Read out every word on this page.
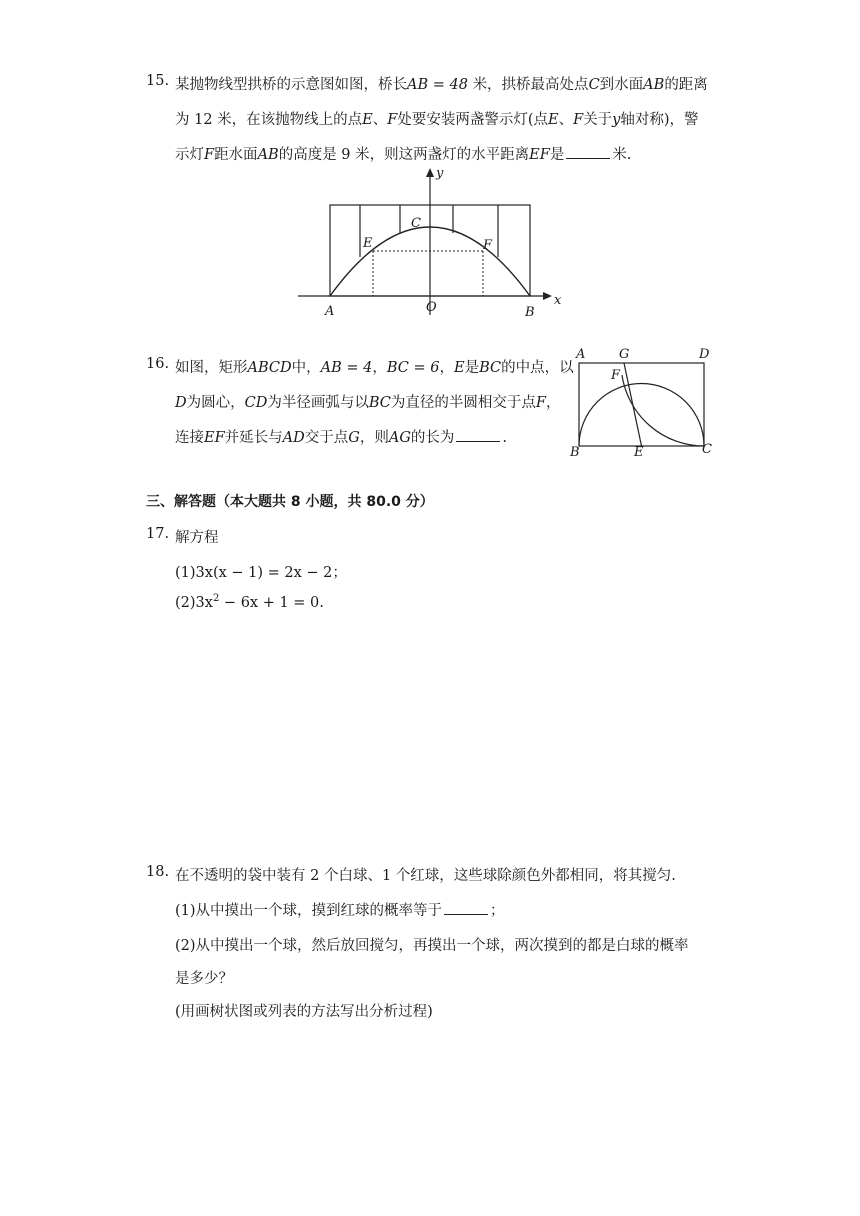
15. 某抛物线型拱桥的示意图如图，桥长AB = 48 米，拱桥最高处点C到水面AB的距离
为 12 米，在该抛物线上的点E、F处要安装两盏警示灯(点E、F关于y轴对称)，警
示灯F距水面AB的高度是 9 米，则这两盏灯的水平距离EF是	米.
y
x
C
E	F
A	O	B
16. 如图，矩形ABCD中，AB = 4，BC = 6，E是BC的中点，以
D为圆心，CD为半径画弧与以BC为直径的半圆相交于点F，
连接EF并延长与AD交于点G，则AG的长为	.
A	G	D
F
B	E	C
三、解答题（本大题共 8 小题，共 80.0 分）
17. 解方程
(1)3x(x − 1) = 2x − 2；
$(2)3x^2 - 6x + 1 = 0$.
18. 在不透明的袋中装有 2 个白球、1 个红球，这些球除颜色外都相同，将其搅匀.
(1)从中摸出一个球，摸到红球的概率等于	；
(2)从中摸出一个球，然后放回搅匀，再摸出一个球，两次摸到的都是白球的概率
是多少？
(用画树状图或列表的方法写出分析过程)
